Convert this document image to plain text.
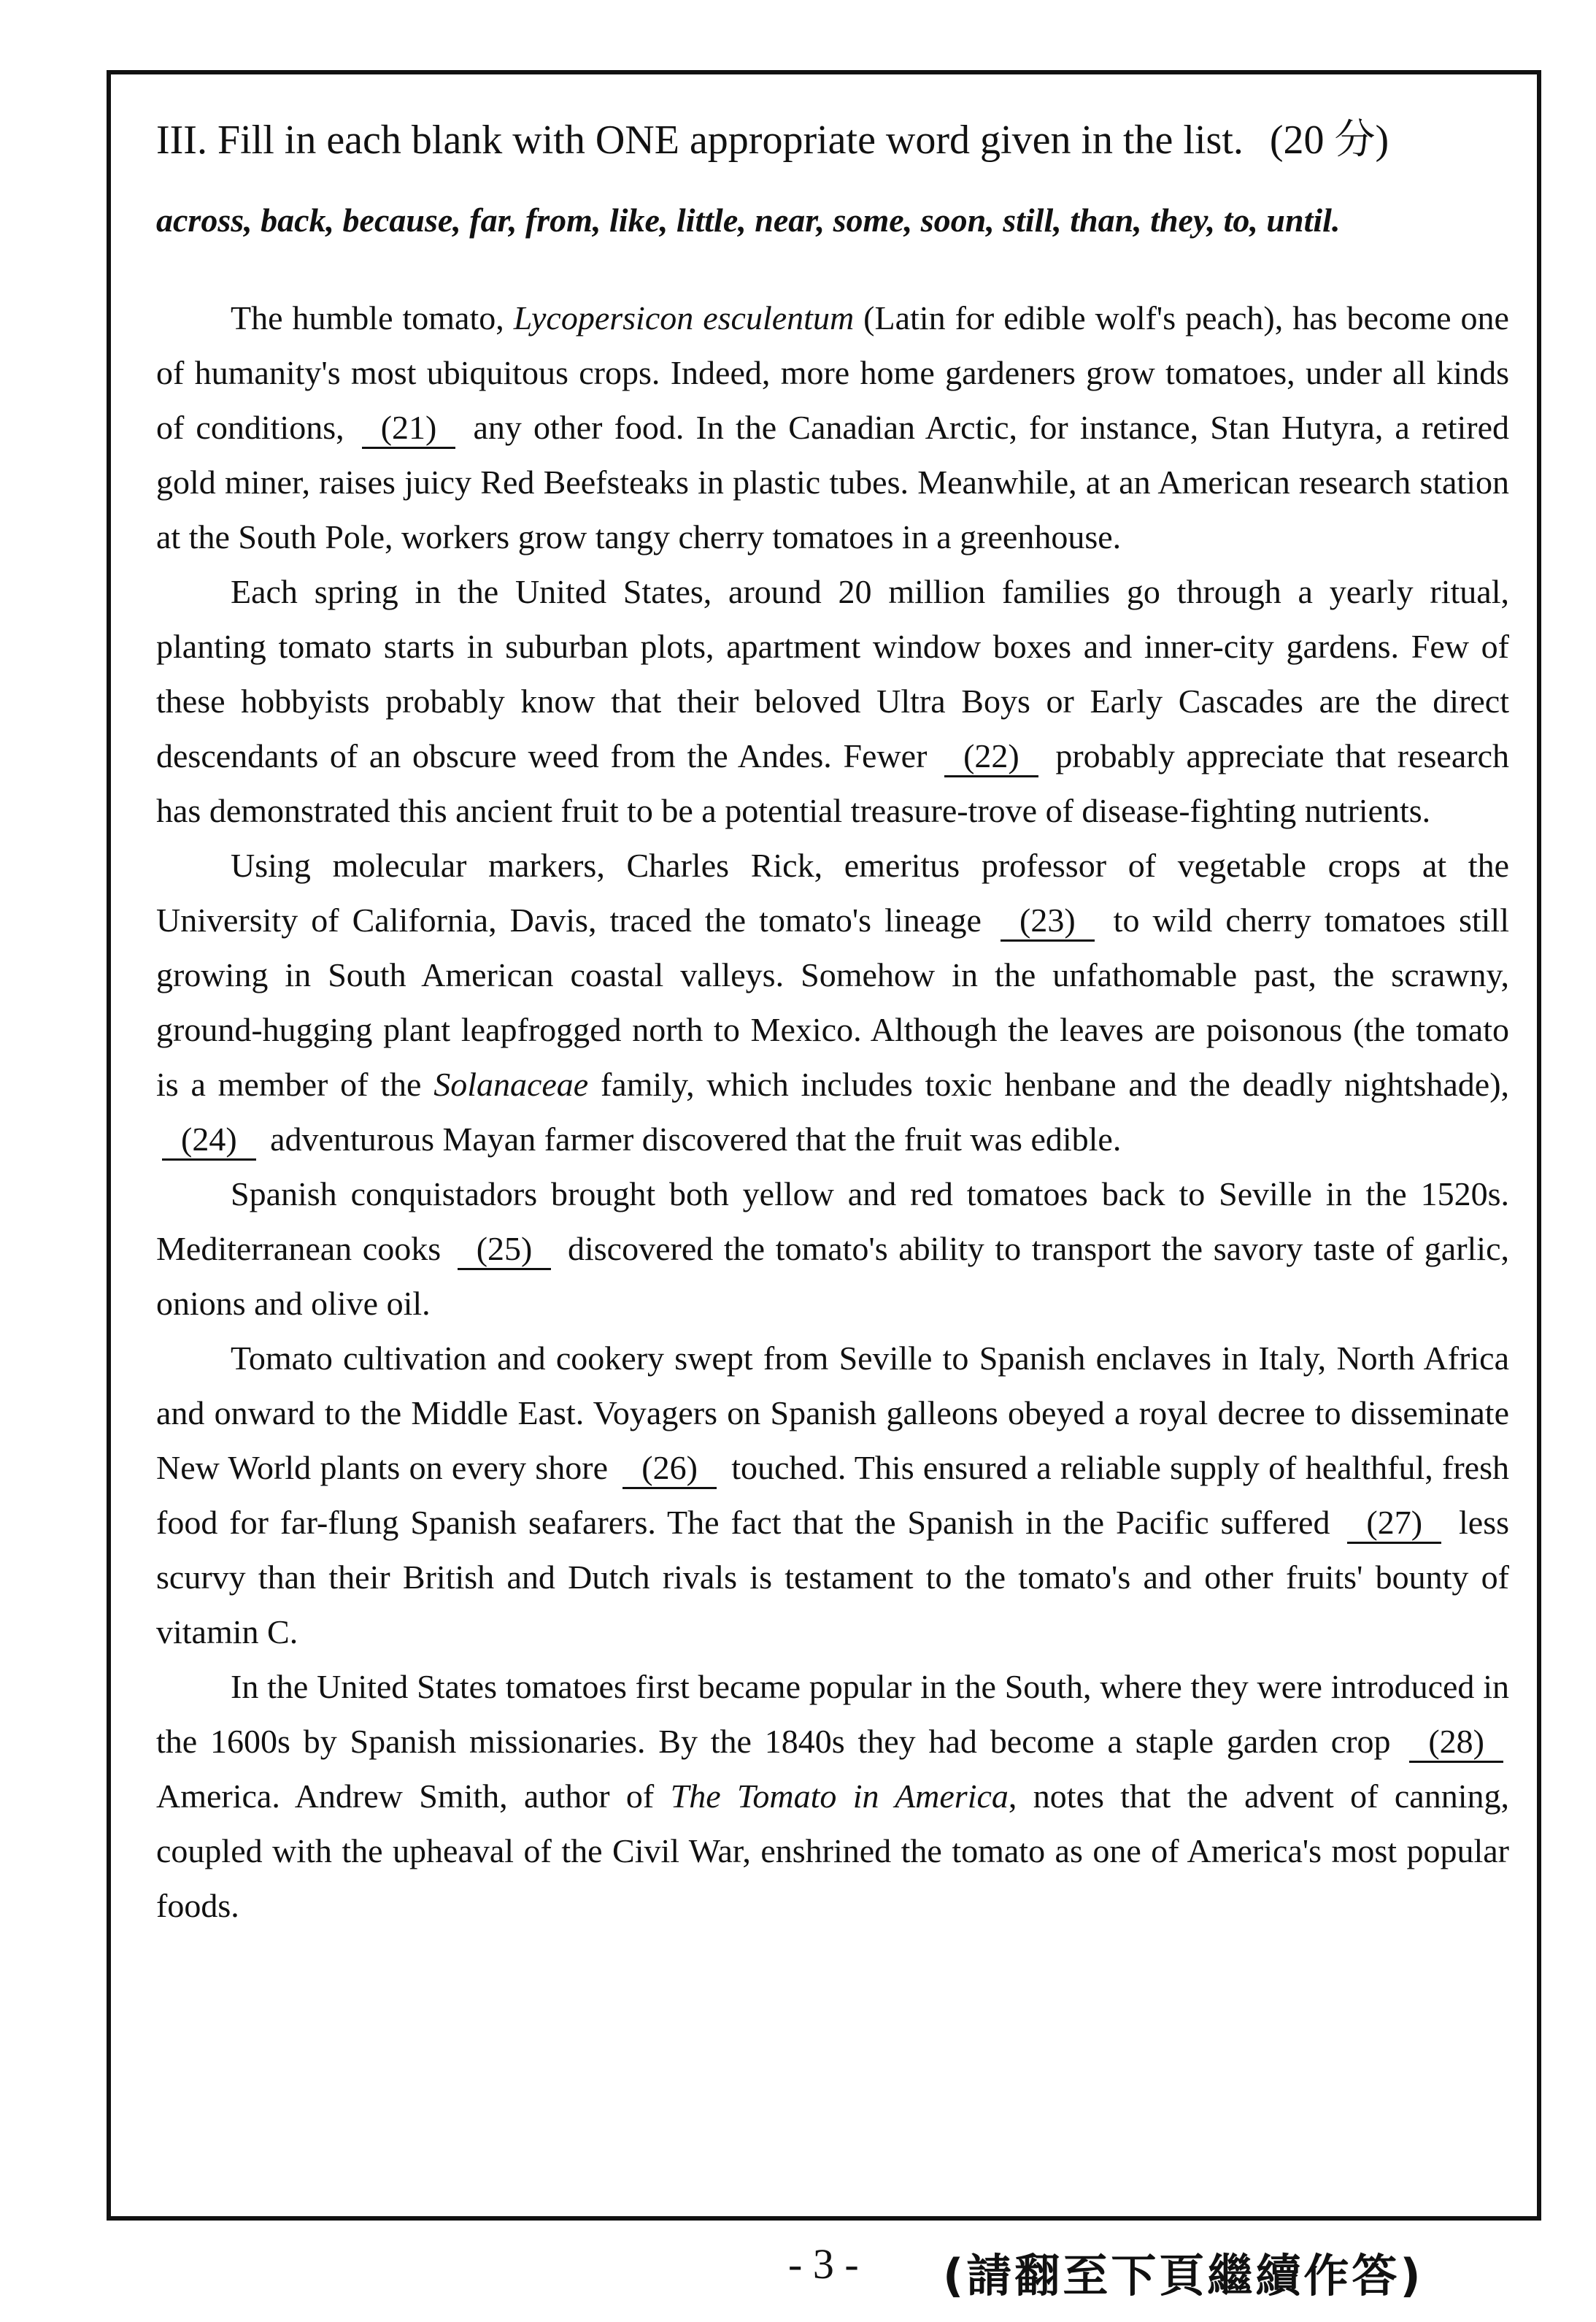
III. Fill in each blank with ONE appropriate word given in the list. (20 分)

across, back, because, far, from, like, little, near, some, soon, still, than, they, to, until.

The humble tomato, Lycopersicon esculentum (Latin for edible wolf's peach), has become one of humanity's most ubiquitous crops. Indeed, more home gardeners grow tomatoes, under all kinds of conditions, (21) any other food. In the Canadian Arctic, for instance, Stan Hutyra, a retired gold miner, raises juicy Red Beefsteaks in plastic tubes. Meanwhile, at an American research station at the South Pole, workers grow tangy cherry tomatoes in a greenhouse.

Each spring in the United States, around 20 million families go through a yearly ritual, planting tomato starts in suburban plots, apartment window boxes and inner-city gardens. Few of these hobbyists probably know that their beloved Ultra Boys or Early Cascades are the direct descendants of an obscure weed from the Andes. Fewer (22) probably appreciate that research has demonstrated this ancient fruit to be a potential treasure-trove of disease-fighting nutrients.

Using molecular markers, Charles Rick, emeritus professor of vegetable crops at the University of California, Davis, traced the tomato's lineage (23) to wild cherry tomatoes still growing in South American coastal valleys. Somehow in the unfathomable past, the scrawny, ground-hugging plant leapfrogged north to Mexico. Although the leaves are poisonous (the tomato is a member of the Solanaceae family, which includes toxic henbane and the deadly nightshade), (24) adventurous Mayan farmer discovered that the fruit was edible.

Spanish conquistadors brought both yellow and red tomatoes back to Seville in the 1520s. Mediterranean cooks (25) discovered the tomato's ability to transport the savory taste of garlic, onions and olive oil.

Tomato cultivation and cookery swept from Seville to Spanish enclaves in Italy, North Africa and onward to the Middle East. Voyagers on Spanish galleons obeyed a royal decree to disseminate New World plants on every shore (26) touched. This ensured a reliable supply of healthful, fresh food for far-flung Spanish seafarers. The fact that the Spanish in the Pacific suffered (27) less scurvy than their British and Dutch rivals is testament to the tomato's and other fruits' bounty of vitamin C.

In the United States tomatoes first became popular in the South, where they were introduced in the 1600s by Spanish missionaries. By the 1840s they had become a staple garden crop (28) America. Andrew Smith, author of The Tomato in America, notes that the advent of canning, coupled with the upheaval of the Civil War, enshrined the tomato as one of America's most popular foods.

- 3 - (請翻至下頁繼續作答)
